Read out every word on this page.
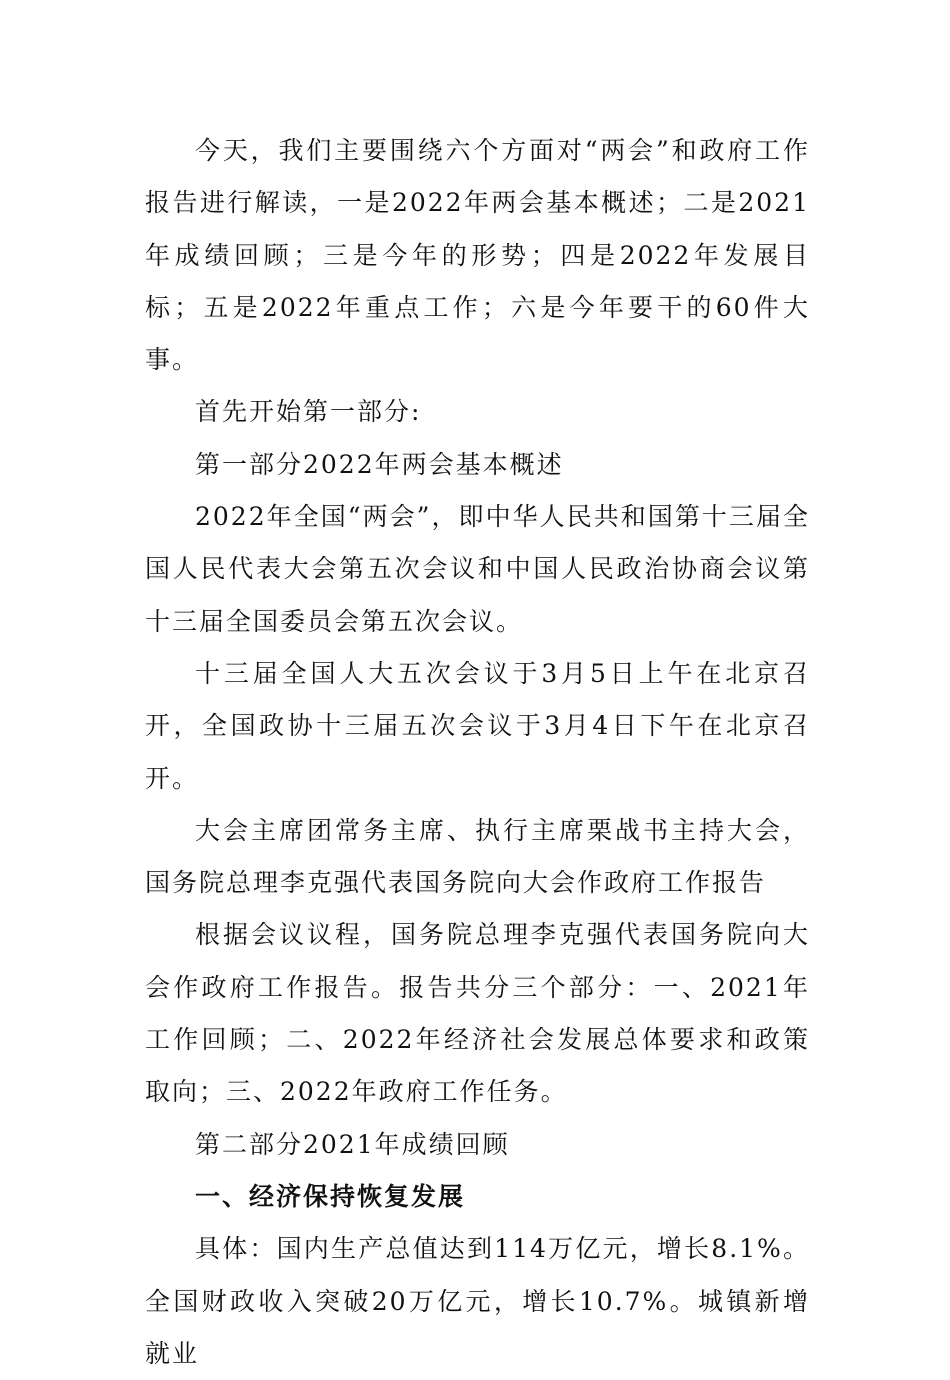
今天，我们主要围绕六个方面对“两会”和政府工作报告进行解读，一是2022年两会基本概述；二是2021年成绩回顾；三是今年的形势；四是2022年发展目标；五是2022年重点工作；六是今年要干的60件大事。

首先开始第一部分:

第一部分2022年两会基本概述

2022年全国“两会”，即中华人民共和国第十三届全国人民代表大会第五次会议和中国人民政治协商会议第十三届全国委员会第五次会议。

十三届全国人大五次会议于3月5日上午在北京召开，全国政协十三届五次会议于3月4日下午在北京召开。

大会主席团常务主席、执行主席栗战书主持大会，国务院总理李克强代表国务院向大会作政府工作报告

根据会议议程，国务院总理李克强代表国务院向大会作政府工作报告。报告共分三个部分：一、2021年工作回顾；二、2022年经济社会发展总体要求和政策取向；三、2022年政府工作任务。

第二部分2021年成绩回顾

一、经济保持恢复发展

具体：国内生产总值达到114万亿元，增长8.1%。全国财政收入突破20万亿元，增长10.7%。城镇新增就业
